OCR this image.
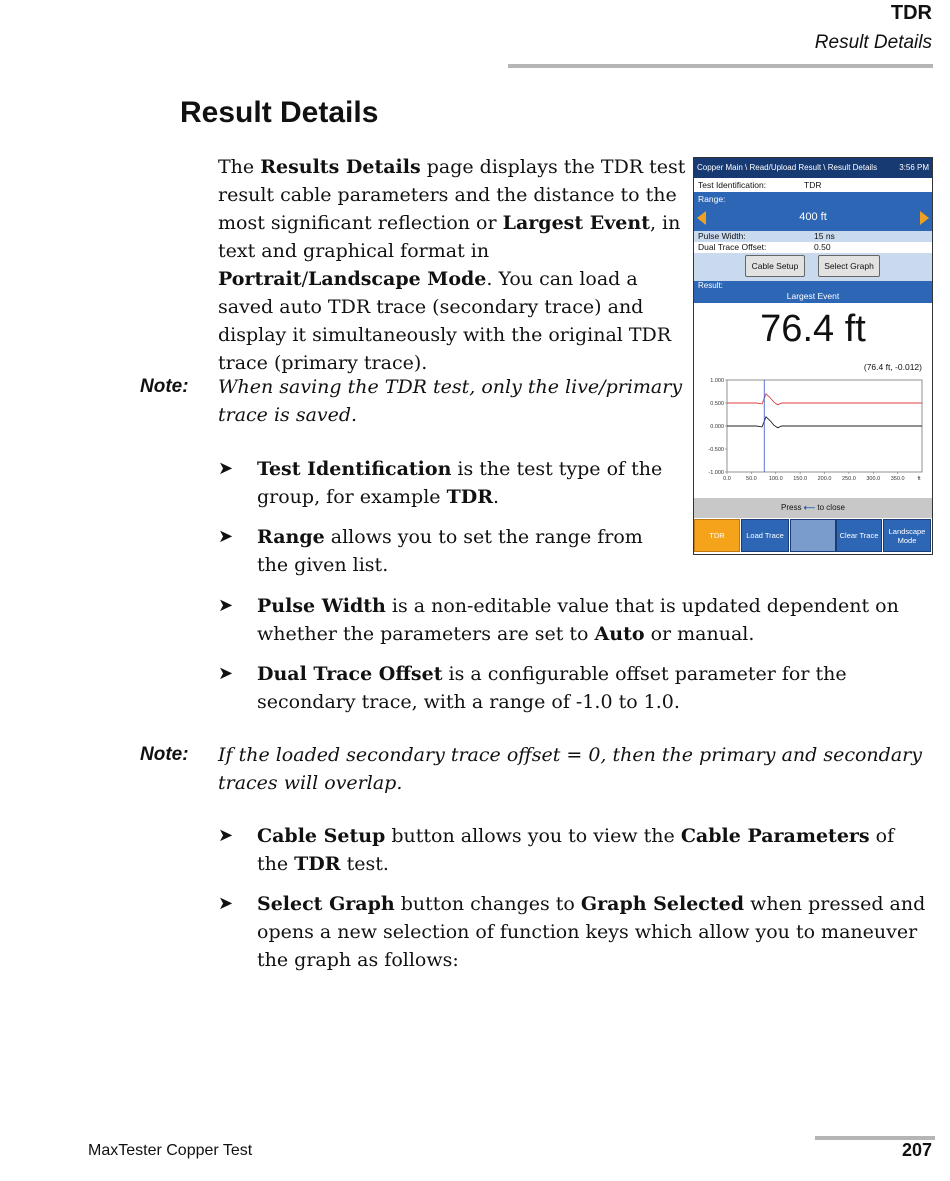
TDR
Result Details
Result Details
The Results Details page displays the TDR test result cable parameters and the distance to the most significant reflection or Largest Event, in text and graphical format in Portrait/Landscape Mode. You can load a saved auto TDR trace (secondary trace) and display it simultaneously with the original TDR trace (primary trace).
Note: When saving the TDR test, only the live/primary trace is saved.
➤ Test Identification is the test type of the group, for example TDR.
➤ Range allows you to set the range from the given list.
➤ Pulse Width is a non-editable value that is updated dependent on whether the parameters are set to Auto or manual.
➤ Dual Trace Offset is a configurable offset parameter for the secondary trace, with a range of -1.0 to 1.0.
Note: If the loaded secondary trace offset = 0, then the primary and secondary traces will overlap.
➤ Cable Setup button allows you to view the Cable Parameters of the TDR test.
➤ Select Graph button changes to Graph Selected when pressed and opens a new selection of function keys which allow you to maneuver the graph as follows:
Copper Main \ Read/Upload Result \ Result Details	3:56 PM
Test Identification:	TDR
Range:
400 ft
Pulse Width:	15 ns
Dual Trace Offset:	0.50
Cable Setup	Select Graph
Result:
Largest Event
76.4 ft
(76.4 ft, -0.012)
1.000
0.500
0.000
-0.500
-1.000
0.0	50.0 100.0 150.0 200.0 250.0 300.0 350.0 ft
Press ⟵ to close
TDR	Load Trace	Clear Trace	Landscape Mode
MaxTester Copper Test	207
